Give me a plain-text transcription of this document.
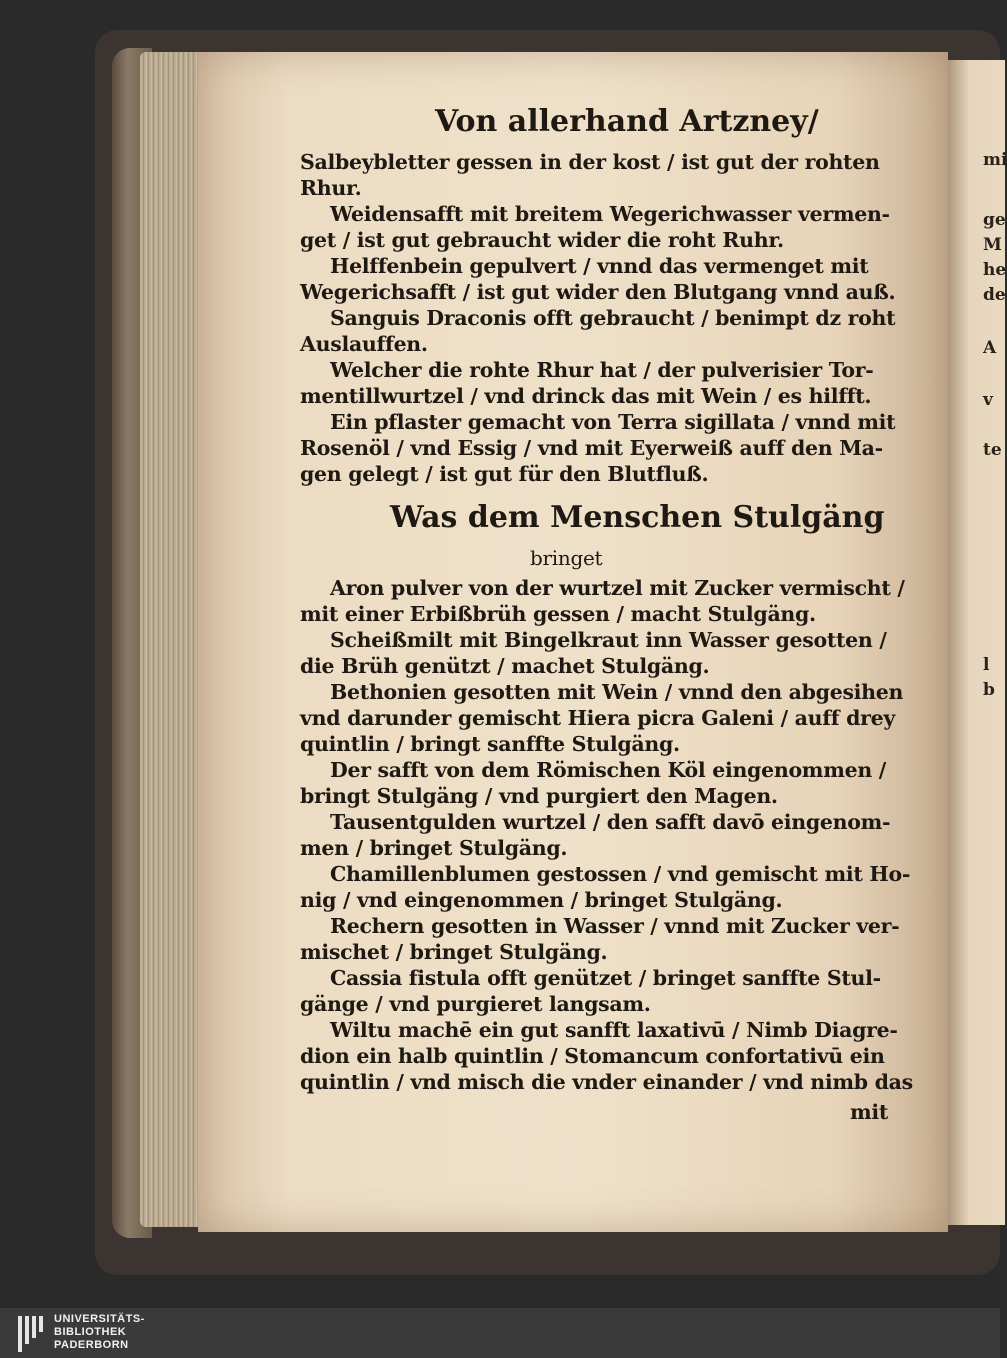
mi
ge
M
he
de
A
v
te
l
b
Von allerhand Artzney/
Salbeybletter gessen in der kost / ist gut der rohten
Rhur.
Weidensafft mit breitem Wegerichwasser vermen-
get / ist gut gebraucht wider die roht Ruhr.
Helffenbein gepulvert / vnnd das vermenget mit
Wegerichsafft / ist gut wider den Blutgang vnnd auß.
Sanguis Draconis offt gebraucht / benimpt dz roht
Auslauffen.
Welcher die rohte Rhur hat / der pulverisier Tor-
mentillwurtzel / vnd drinck das mit Wein / es hilfft.
Ein pflaster gemacht von Terra sigillata / vnnd mit
Rosenöl / vnd Essig / vnd mit Eyerweiß auff den Ma-
gen gelegt / ist gut für den Blutfluß.
Was dem Menschen Stulgäng
bringet
Aron pulver von der wurtzel mit Zucker vermischt /
mit einer Erbißbrüh gessen / macht Stulgäng.
Scheißmilt mit Bingelkraut inn Wasser gesotten /
die Brüh genützt / machet Stulgäng.
Bethonien gesotten mit Wein / vnnd den abgesihen
vnd darunder gemischt Hiera picra Galeni / auff drey
quintlin / bringt sanffte Stulgäng.
Der safft von dem Römischen Köl eingenommen /
bringt Stulgäng / vnd purgiert den Magen.
Tausentgulden wurtzel / den safft davō eingenom-
men / bringet Stulgäng.
Chamillenblumen gestossen / vnd gemischt mit Ho-
nig / vnd eingenommen / bringet Stulgäng.
Rechern gesotten in Wasser / vnnd mit Zucker ver-
mischet / bringet Stulgäng.
Cassia fistula offt genützet / bringet sanffte Stul-
gänge / vnd purgieret langsam.
Wiltu machē ein gut sanfft laxativū / Nimb Diagre-
dion ein halb quintlin / Stomancum confortativū ein
quintlin / vnd misch die vnder einander / vnd nimb das
mit
UNIVERSITÄTS-
BIBLIOTHEK
PADERBORN
